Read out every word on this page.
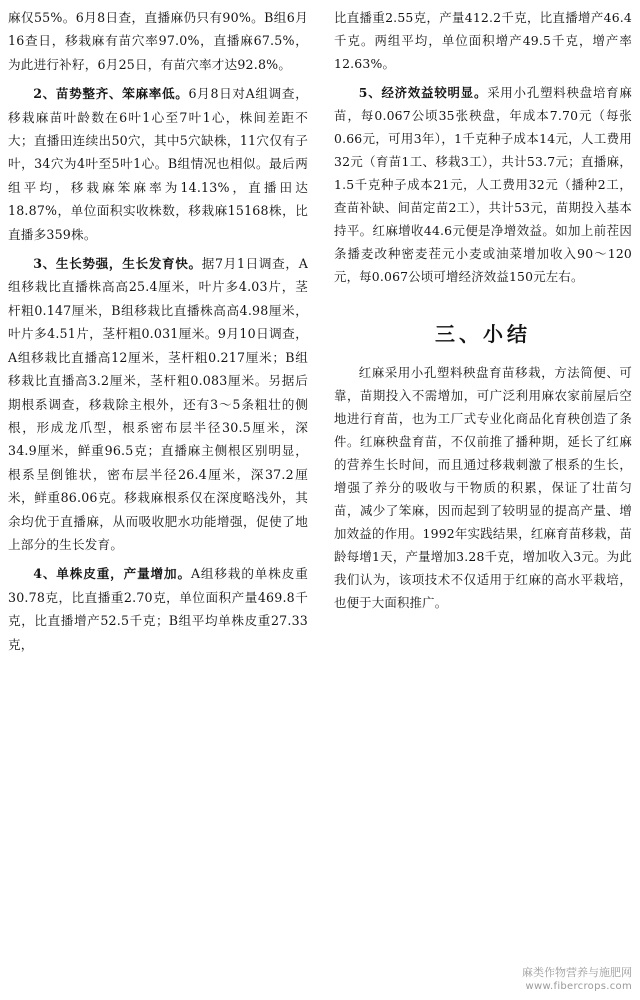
麻仅55%。6月8日查，直播麻仍只有90%。B组6月16查日，移栽麻有苗穴率97.0%，直播麻67.5%，为此进行补籽，6月25日，有苗穴率才达92.8%。

2、苗势整齐、笨麻率低。6月8日对A组调查，移栽麻苗叶龄数在6叶1心至7叶1心，株间差距不大；直播田连续出50穴，其中5穴缺株，11穴仅有子叶，34穴为4叶至5叶1心。B组情况也相似。最后两组平均，移栽麻笨麻率为14.13%，直播田达18.87%，单位面积实收株数，移栽麻15168株，比直播多359株。

3、生长势强，生长发育快。据7月1日调查，A组移栽比直播株高高25.4厘米，叶片多4.03片，茎杆粗0.147厘米，B组移栽比直播株高高4.98厘米，叶片多4.51片，茎杆粗0.031厘米。9月10日调查，A组移栽比直播高12厘米，茎杆粗0.217厘米；B组移栽比直播高3.2厘米，茎杆粗0.083厘米。另据后期根系调查，移栽除主根外，还有3～5条粗壮的侧根，形成龙爪型，根系密布层半径30.5厘米，深34.9厘米，鲜重96.5克；直播麻主侧根区别明显，根系呈倒锥状，密布层半径26.4厘米，深37.2厘米，鲜重86.06克。移栽麻根系仅在深度略浅外，其余均优于直播麻，从而吸收肥水功能增强，促使了地上部分的生长发育。

4、单株皮重，产量增加。A组移栽的单株皮重30.78克，比直播重2.70克，单位面积产量469.8千克，比直播增产52.5千克；B组平均单株皮重27.33克，

比直播重2.55克，产量412.2千克，比直播增产46.4千克。两组平均，单位面积增产49.5千克，增产率12.63%。

5、经济效益较明显。采用小孔塑料秧盘培育麻苗，每0.067公顷35张秧盘，年成本7.70元（每张0.66元，可用3年），1千克种子成本14元，人工费用32元（育苗1工、移栽3工），共计53.7元；直播麻，1.5千克种子成本21元，人工费用32元（播种2工，查苗补缺、间苗定苗2工），共计53元，苗期投入基本持平。红麻增收44.6元便是净增效益。如加上前茬因条播麦改种密麦茬元小麦或油菜增加收入90～120元，每0.067公顷可增经济效益150元左右。

三、小结

红麻采用小孔塑料秧盘育苗移栽，方法简便、可靠，苗期投入不需增加，可广泛利用麻农家前屋后空地进行育苗，也为工厂式专业化商品化育秧创造了条件。红麻秧盘育苗，不仅前推了播种期，延长了红麻的营养生长时间，而且通过移栽刺激了根系的生长，增强了养分的吸收与干物质的积累，保证了壮苗匀苗，减少了笨麻，因而起到了较明显的提高产量、增加效益的作用。1992年实践结果，红麻育苗移栽，苗龄每增1天，产量增加3.28千克，增加收入3元。为此我们认为，该项技术不仅适用于红麻的高水平栽培，也便于大面积推广。

麻类作物营养与施肥网
www.fibercrops.com
